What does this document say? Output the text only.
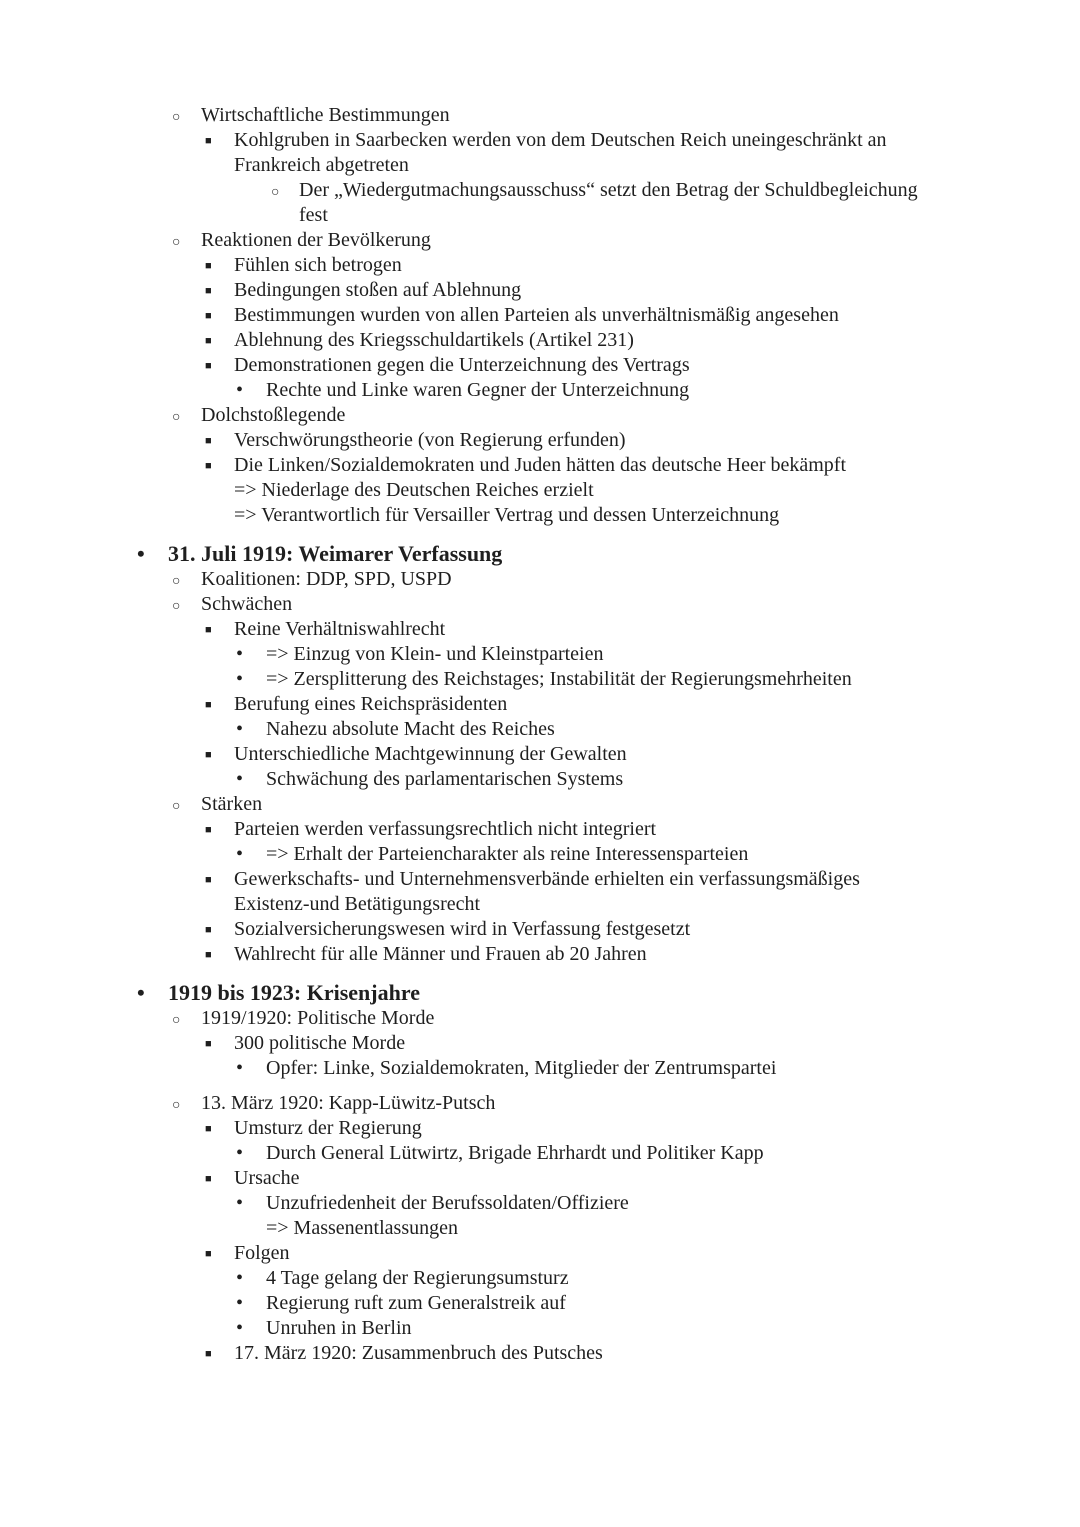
○
Wirtschaftliche Bestimmungen
■
Kohlgruben in Saarbecken werden von dem Deutschen Reich uneingeschränkt an
Frankreich abgetreten
○
Der „Wiedergutmachungsausschuss“ setzt den Betrag der Schuldbegleichung
fest
○
Reaktionen der Bevölkerung
■
Fühlen sich betrogen
■
Bedingungen stoßen auf Ablehnung
■
Bestimmungen wurden von allen Parteien als unverhältnismäßig angesehen
■
Ablehnung des Kriegsschuldartikels (Artikel 231)
■
Demonstrationen gegen die Unterzeichnung des Vertrags
•
Rechte und Linke waren Gegner der Unterzeichnung
○
Dolchstoßlegende
■
Verschwörungstheorie (von Regierung erfunden)
■
Die Linken/Sozialdemokraten und Juden hätten das deutsche Heer bekämpft
=> Niederlage des Deutschen Reiches erzielt
=> Verantwortlich für Versailler Vertrag und dessen Unterzeichnung
•
31. Juli 1919: Weimarer Verfassung
○
Koalitionen: DDP, SPD, USPD
○
Schwächen
■
Reine Verhältniswahlrecht
•
=> Einzug von Klein- und Kleinstparteien
•
=> Zersplitterung des Reichstages; Instabilität der Regierungsmehrheiten
■
Berufung eines Reichspräsidenten
•
Nahezu absolute Macht des Reiches
■
Unterschiedliche Machtgewinnung der Gewalten
•
Schwächung des parlamentarischen Systems
○
Stärken
■
Parteien werden verfassungsrechtlich nicht integriert
•
=> Erhalt der Parteiencharakter als reine Interessensparteien
■
Gewerkschafts- und Unternehmensverbände erhielten ein verfassungsmäßiges
Existenz-und Betätigungsrecht
■
Sozialversicherungswesen wird in Verfassung festgesetzt
■
Wahlrecht für alle Männer und Frauen ab 20 Jahren
•
1919 bis 1923: Krisenjahre
○
1919/1920: Politische Morde
■
300 politische Morde
•
Opfer: Linke, Sozialdemokraten, Mitglieder der Zentrumspartei
○
13. März 1920: Kapp-Lüwitz-Putsch
■
Umsturz der Regierung
•
Durch General Lütwirtz, Brigade Ehrhardt und Politiker Kapp
■
Ursache
•
Unzufriedenheit der Berufssoldaten/Offiziere
=> Massenentlassungen
■
Folgen
•
4 Tage gelang der Regierungsumsturz
•
Regierung ruft zum Generalstreik auf
•
Unruhen in Berlin
■
17. März 1920: Zusammenbruch des Putsches
